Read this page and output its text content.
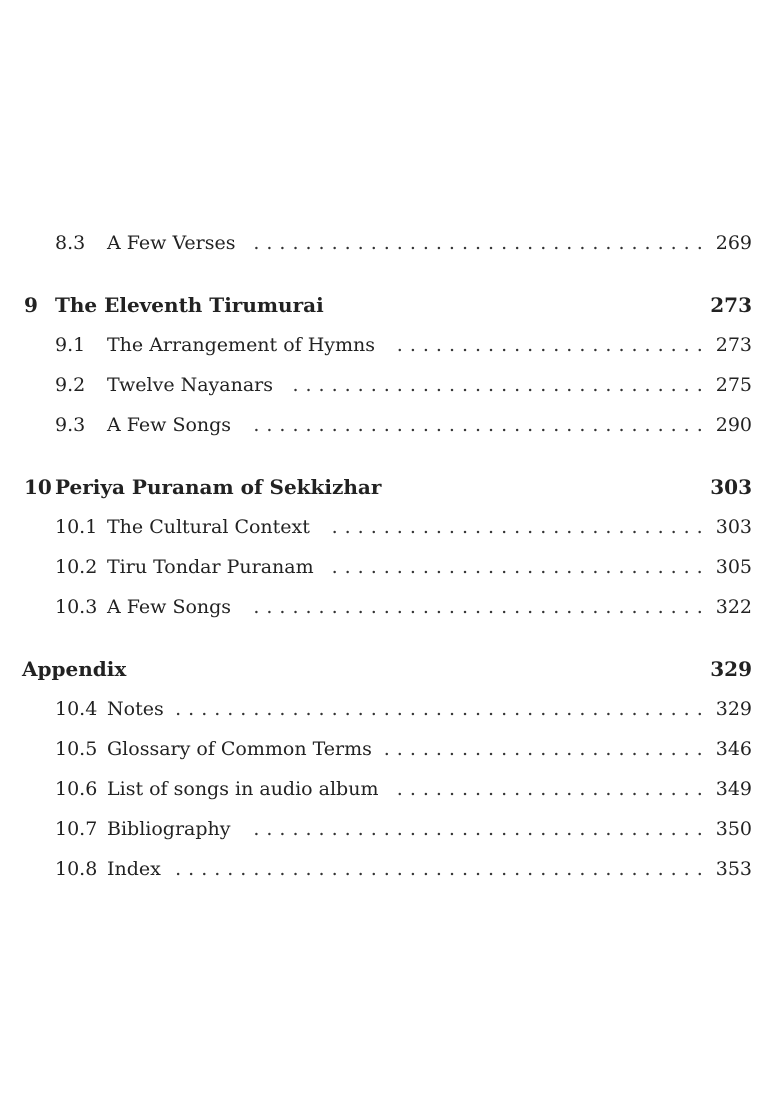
8.3	A Few Verses ................................... 269
9 The Eleventh Tirumurai	273
9.1	The Arrangement of Hymns	........................ 273
9.2	Twelve Nayanars	................................ 275
9.3	A Few Songs	................................... 290
10 Periya Puranam of Sekkizhar	303
10.1 The Cultural Context	............................. 303
10.2 Tiru Tondar Puranam ............................. 305
10.3 A Few Songs	................................... 322
Appendix	329
10.4 Notes ......................................... 329
10.5 Glossary of Common Terms ......................... 346
10.6 List of songs in audio album ........................ 349
10.7 Bibliography	................................... 350
10.8 Index ......................................... 353
